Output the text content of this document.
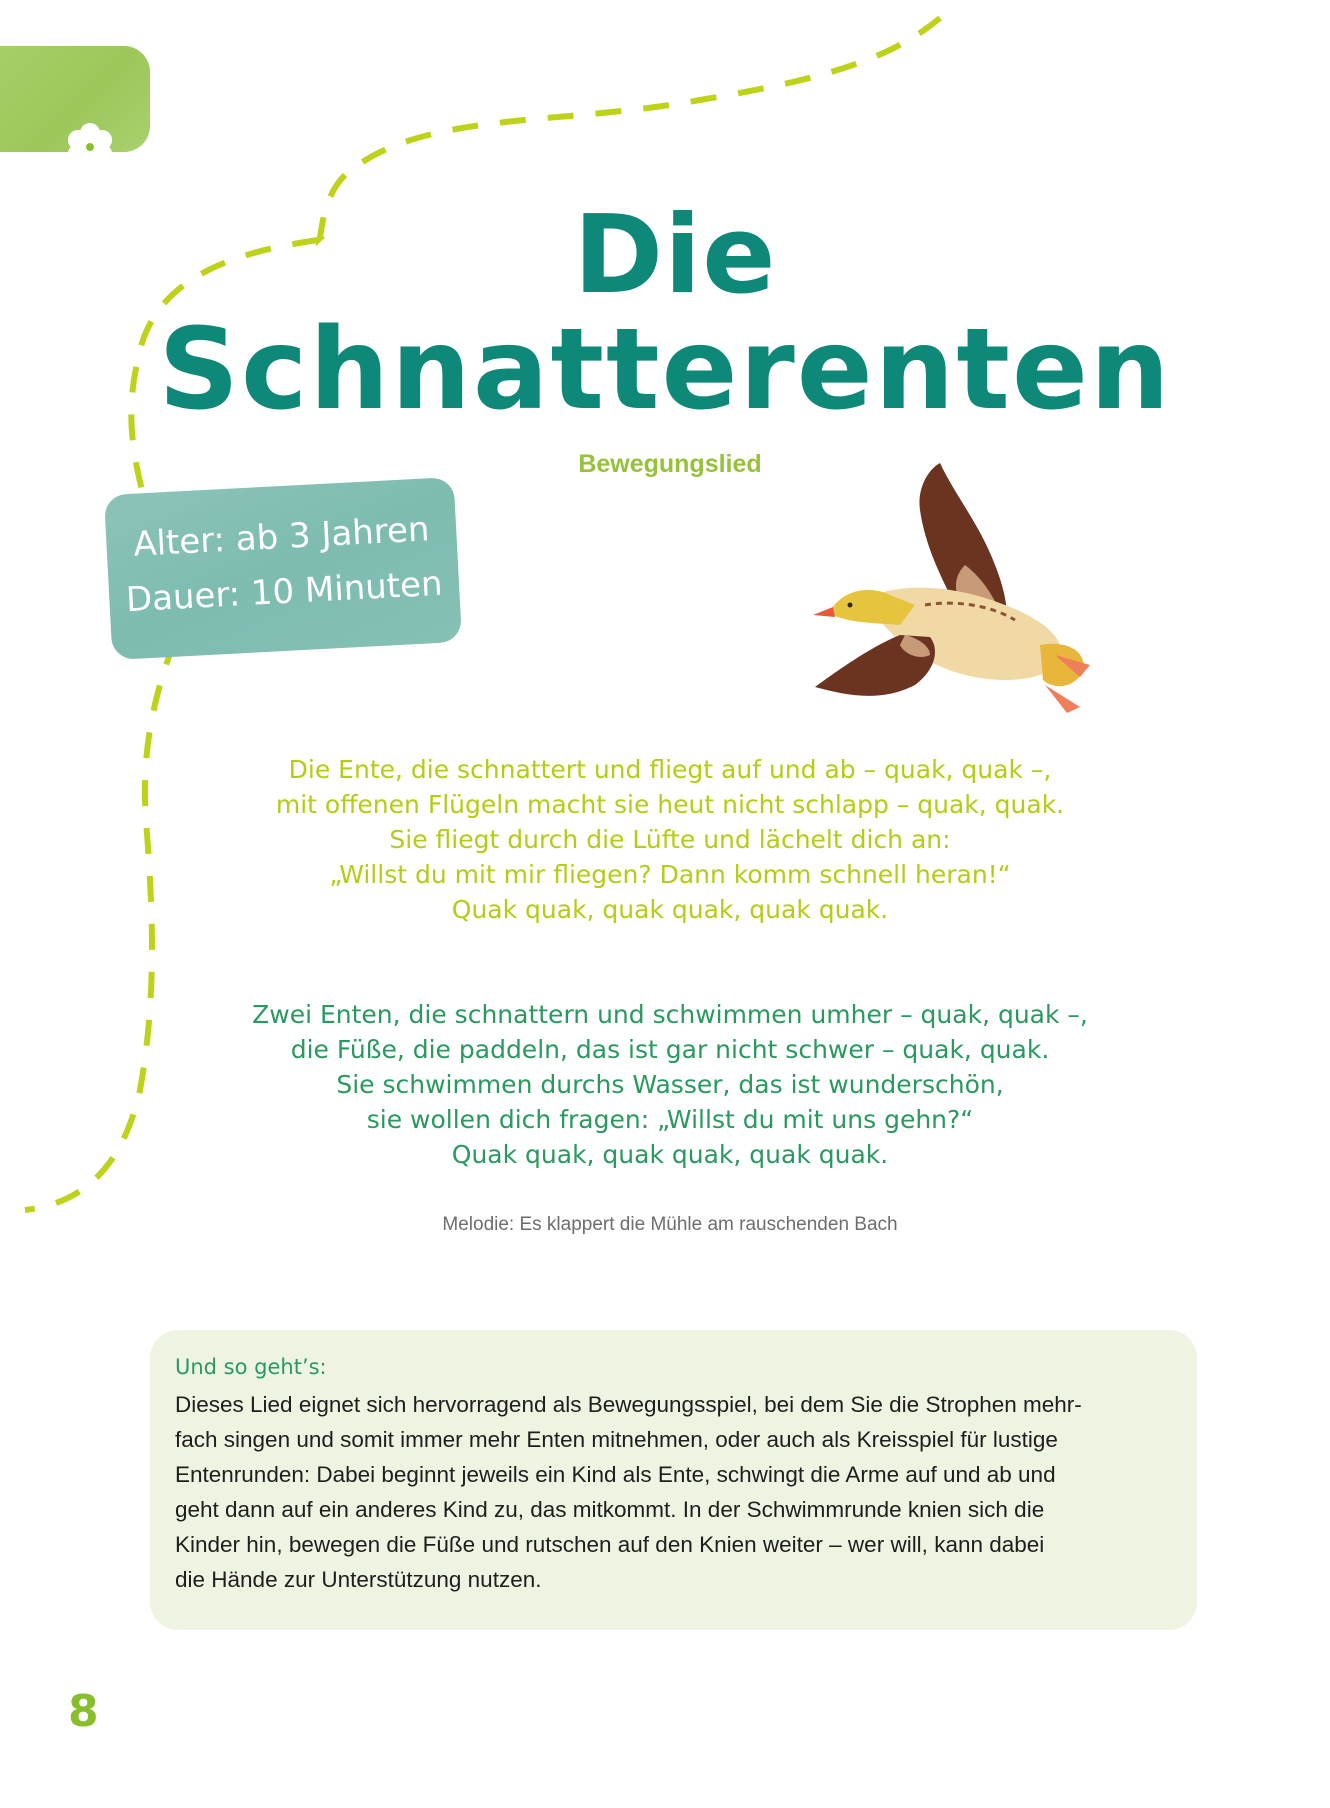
Die
Schnatterenten
Bewegungslied
Alter: ab 3 Jahren
Dauer: 10 Minuten
Die Ente, die schnattert und fliegt auf und ab – quak, quak –,
mit offenen Flügeln macht sie heut nicht schlapp – quak, quak.
Sie fliegt durch die Lüfte und lächelt dich an:
„Willst du mit mir fliegen? Dann komm schnell heran!“
Quak quak, quak quak, quak quak.
Zwei Enten, die schnattern und schwimmen umher – quak, quak –,
die Füße, die paddeln, das ist gar nicht schwer – quak, quak.
Sie schwimmen durchs Wasser, das ist wunderschön,
sie wollen dich fragen: „Willst du mit uns gehn?“
Quak quak, quak quak, quak quak.
Melodie: Es klappert die Mühle am rauschenden Bach
Und so geht’s:
Dieses Lied eignet sich hervorragend als Bewegungsspiel, bei dem Sie die Strophen mehr-
fach singen und somit immer mehr Enten mitnehmen, oder auch als Kreisspiel für lustige
Entenrunden: Dabei beginnt jeweils ein Kind als Ente, schwingt die Arme auf und ab und
geht dann auf ein anderes Kind zu, das mitkommt. In der Schwimmrunde knien sich die
Kinder hin, bewegen die Füße und rutschen auf den Knien weiter – wer will, kann dabei
die Hände zur Unterstützung nutzen.
8
